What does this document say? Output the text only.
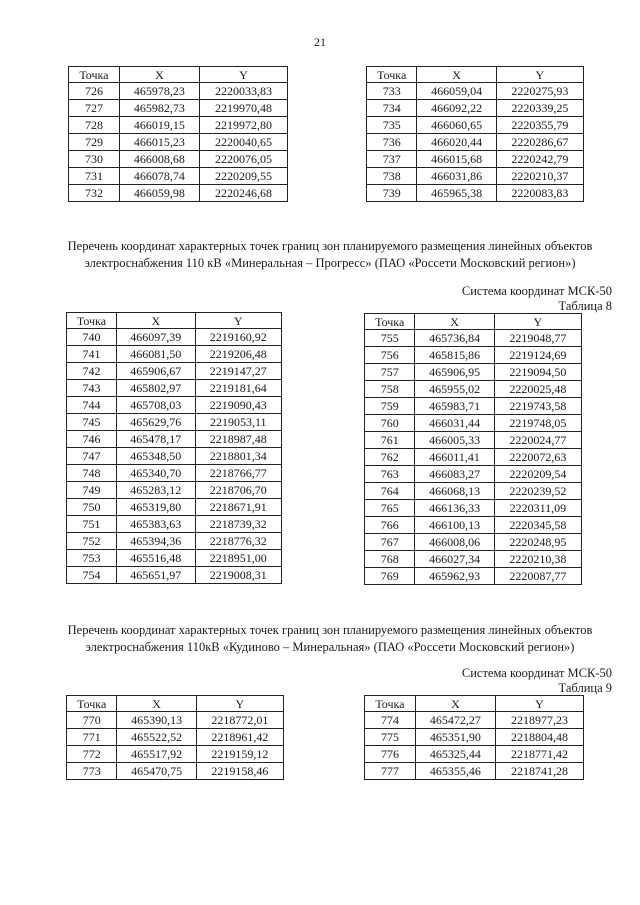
21
Точка	X	Y
726	465978,23	2220033,83
727	465982,73	2219970,48
728	466019,15	2219972,80
729	466015,23	2220040,65
730	466008,68	2220076,05
731	466078,74	2220209,55
732	466059,98	2220246,68
Точка	X	Y
733	466059,04	2220275,93
734	466092,22	2220339,25
735	466060,65	2220355,79
736	466020,44	2220286,67
737	466015,68	2220242,79
738	466031,86	2220210,37
739	465965,38	2220083,83
Перечень координат характерных точек границ зон планируемого размещения линейных объектов
электроснабжения 110 кВ «Минеральная – Прогресс» (ПАО «Россети Московский регион»)
Система координат МСК-50
Таблица 8
Точка	X	Y
740	466097,39	2219160,92
741	466081,50	2219206,48
742	465906,67	2219147,27
743	465802,97	2219181,64
744	465708,03	2219090,43
745	465629,76	2219053,11
746	465478,17	2218987,48
747	465348,50	2218801,34
748	465340,70	2218766,77
749	465283,12	2218706,70
750	465319,80	2218671,91
751	465383,63	2218739,32
752	465394,36	2218776,32
753	465516,48	2218951,00
754	465651,97	2219008,31
Точка	X	Y
755	465736,84	2219048,77
756	465815,86	2219124,69
757	465906,95	2219094,50
758	465955,02	2220025,48
759	465983,71	2219743,58
760	466031,44	2219748,05
761	466005,33	2220024,77
762	466011,41	2220072,63
763	466083,27	2220209,54
764	466068,13	2220239,52
765	466136,33	2220311,09
766	466100,13	2220345,58
767	466008,06	2220248,95
768	466027,34	2220210,38
769	465962,93	2220087,77
Перечень координат характерных точек границ зон планируемого размещения линейных объектов
электроснабжения 110кВ «Кудиново – Минеральная» (ПАО «Россети Московский регион»)
Система координат МСК-50
Таблица 9
Точка	X	Y
770	465390,13	2218772,01
771	465522,52	2218961,42
772	465517,92	2219159,12
773	465470,75	2219158,46
Точка	X	Y
774	465472,27	2218977,23
775	465351,90	2218804,48
776	465325,44	2218771,42
777	465355,46	2218741,28
